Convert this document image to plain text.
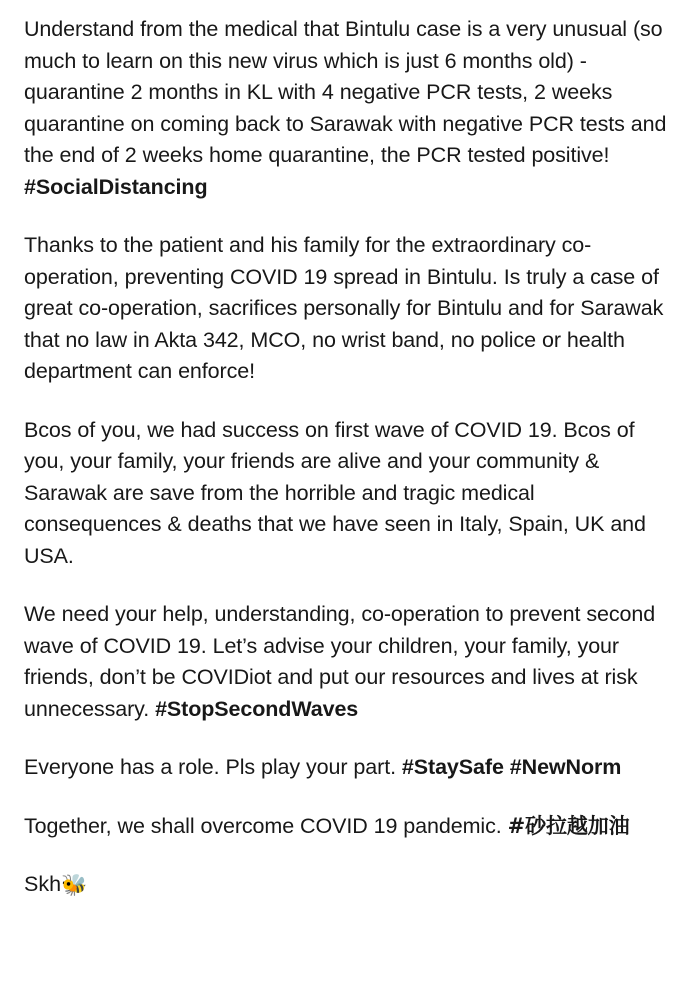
Understand from the medical that Bintulu case is a very unusual (so much to learn on this new virus which is just 6 months old) - quarantine 2 months in KL with 4 negative PCR tests, 2 weeks quarantine on coming back to Sarawak with negative PCR tests and the end of 2 weeks home quarantine, the PCR tested positive! #SocialDistancing

Thanks to the patient and his family for the extraordinary co-operation, preventing COVID 19 spread in Bintulu. Is truly a case of great co-operation, sacrifices personally for Bintulu and for Sarawak that no law in Akta 342, MCO, no wrist band, no police or health department can enforce!

Bcos of you, we had success on first wave of COVID 19. Bcos of you, your family, your friends are alive and your community & Sarawak are save from the horrible and tragic medical consequences & deaths that we have seen in Italy, Spain, UK and USA.

We need your help, understanding, co-operation to prevent second wave of COVID 19. Let’s advise your children, your family, your friends, don’t be COVIDiot and put our resources and lives at risk unnecessary. #StopSecondWaves

Everyone has a role. Pls play your part. #StaySafe #NewNorm

Together, we shall overcome COVID 19 pandemic. #砂拉越加油

Skh🐝
